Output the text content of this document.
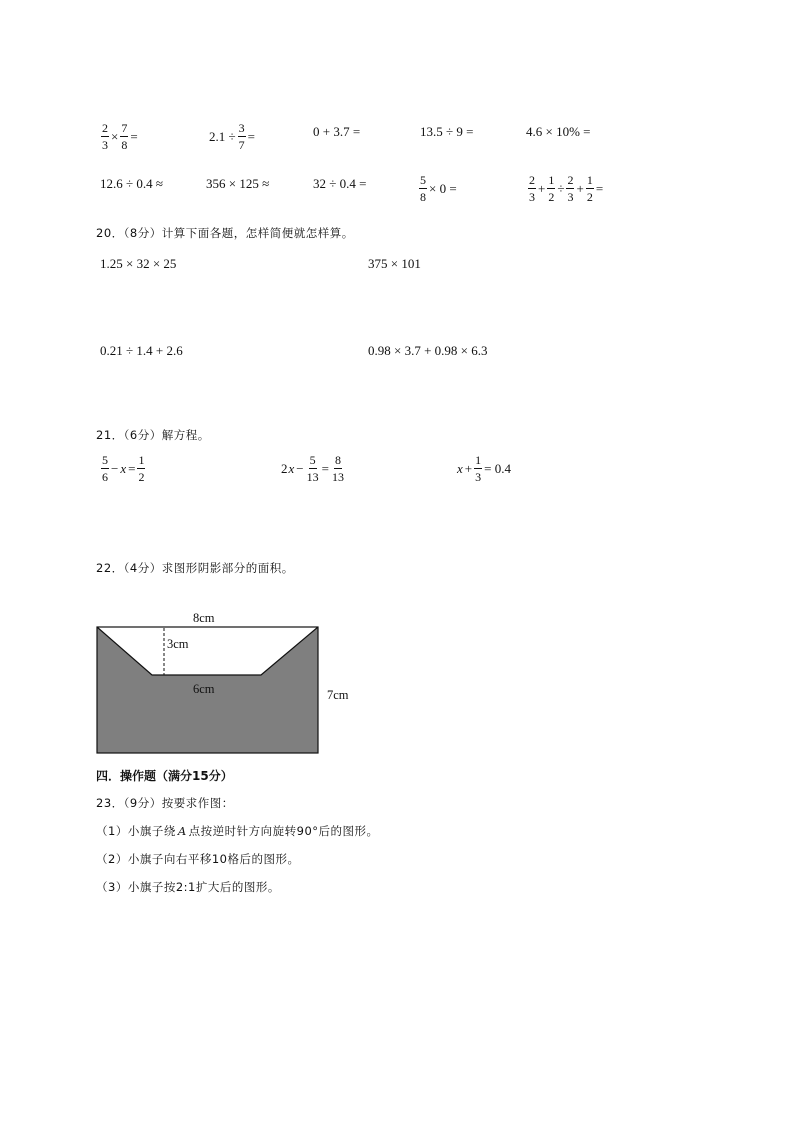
$\frac{2}{3} \times \frac{7}{8}$ =	$2.1 \div \frac{3}{7}$ =	0 + 3.7 =	13.5 ÷ 9 =	4.6 × 10% =
12.6 ÷ 0.4 ≈	356 × 125 ≈	32 ÷ 0.4 =	$\frac{5}{8} \times 0$ =	$\frac{2}{3} + \frac{1}{2} \div \frac{2}{3} + \frac{1}{2}$ =
20．（8分）计算下面各题，怎样简便就怎样算。
1.25 × 32 × 25	375 × 101
0.21 ÷ 1.4 + 2.6	0.98 × 3.7 + 0.98 × 6.3
21．（6分）解方程。
$\frac{5}{6} - x = \frac{1}{2}$	$2x - \frac{5}{13} = \frac{8}{13}$	$x + \frac{1}{3} = 0.4$
22．（4分）求图形阴影部分的面积。
8cm
3cm
6cm	7cm
四．操作题（满分15分）
23．（9分）按要求作图：
（1）小旗子绕 A 点按逆时针方向旋转90°后的图形。
（2）小旗子向右平移10格后的图形。
（3）小旗子按2:1扩大后的图形。
